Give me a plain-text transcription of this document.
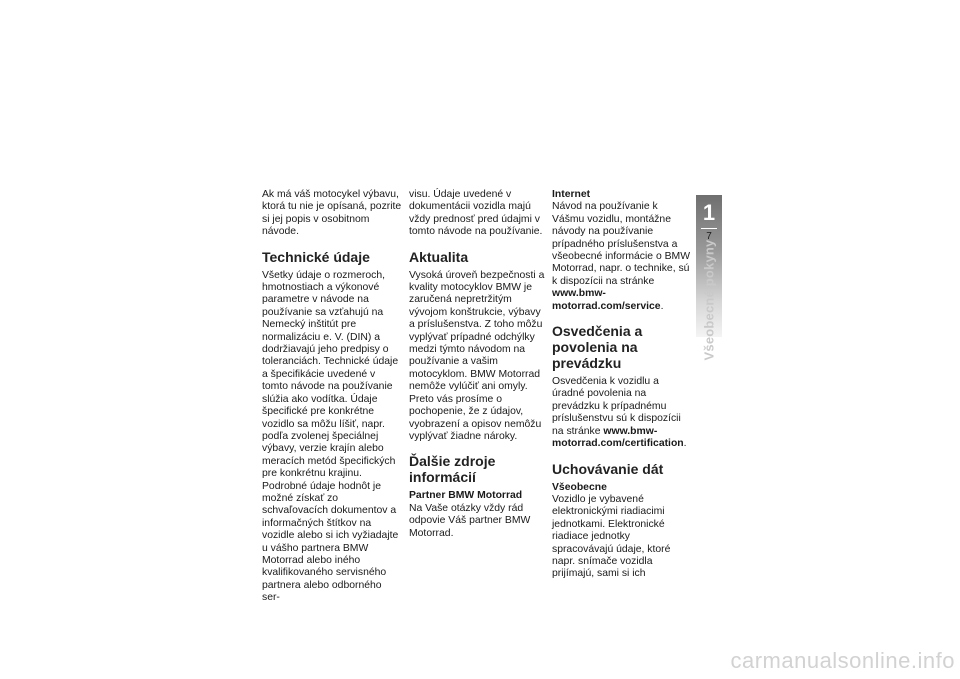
Ak má váš motocykel výbavu, ktorá tu nie je opísaná, pozrite si jej popis v osobitnom návode.

Technické údaje

Všetky údaje o rozmeroch, hmotnostiach a výkonové parametre v návode na používanie sa vzťahujú na Nemecký inštitút pre normalizáciu e. V. (DIN) a dodržiavajú jeho predpisy o toleranciách. Technické údaje a špecifikácie uvedené v tomto návode na používanie slúžia ako vodítka. Údaje špecifické pre konkrétne vozidlo sa môžu líšiť, napr. podľa zvolenej špeciálnej výbavy, verzie krajín alebo meracích metód špecifických pre konkrétnu krajinu. Podrobné údaje hodnôt je možné získať zo schvaľovacích dokumentov a informačných štítkov na vozidle alebo si ich vyžiadajte u vášho partnera BMW Motorrad alebo iného kvalifikovaného servisného partnera alebo odborného ser-

visu. Údaje uvedené v dokumentácii vozidla majú vždy prednosť pred údajmi v tomto návode na používanie.

Aktualita

Vysoká úroveň bezpečnosti a kvality motocyklov BMW je zaručená nepretržitým vývojom konštrukcie, výbavy a príslušenstva. Z toho môžu vyplývať prípadné odchýlky medzi týmto návodom na používanie a vašim motocyklom. BMW Motorrad nemôže vylúčiť ani omyly. Preto vás prosíme o pochopenie, že z údajov, vyobrazení a opisov nemôžu vyplývať žiadne nároky.

Ďalšie zdroje informácií
Partner BMW Motorrad

Na Vaše otázky vždy rád odpovie Váš partner BMW Motorrad.

Internet

Návod na používanie k Vášmu vozidlu, montážne návody na používanie prípadného príslušenstva a všeobecné informácie o BMW Motorrad, napr. o technike, sú k dispozícii na stránke www.bmw-motorrad.com/service.

Osvedčenia a povolenia na prevádzku

Osvedčenia k vozidlu a úradné povolenia na prevádzku k prípadnému príslušenstvu sú k dispozícii na stránke www.bmw-motorrad.com/certification.

Uchovávanie dát
Všeobecne

Vozidlo je vybavené elektronickými riadiacimi jednotkami. Elektronické riadiace jednotky spracovávajú údaje, ktoré napr. snímače vozidla prijímajú, sami si ich

1
7
Všeobecné pokyny
carmanualsonline.info
